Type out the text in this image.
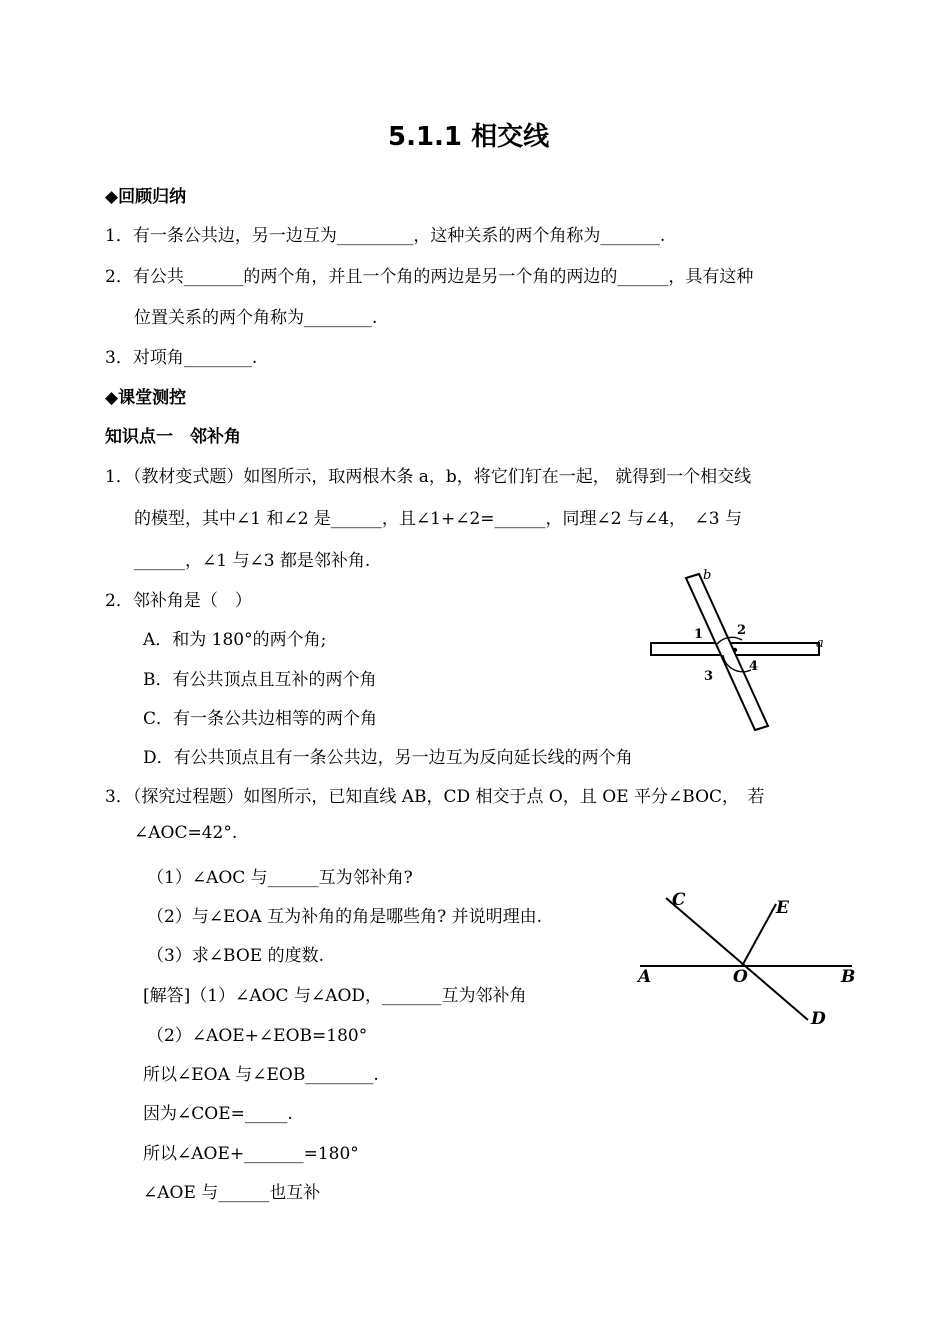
5.1.1 相交线
◆回顾归纳
1．有一条公共边，另一边互为_________，这种关系的两个角称为_______.
2．有公共_______的两个角，并且一个角的两边是另一个角的两边的______，具有这种
位置关系的两个角称为________.
3．对项角________.
◆课堂测控
知识点一　邻补角
1．（教材变式题）如图所示，取两根木条 a，b，将它们钉在一起， 就得到一个相交线
的模型，其中∠1 和∠2 是______，且∠1+∠2=______，同理∠2 与∠4，　∠3 与
______，∠1 与∠3 都是邻补角.
2．邻补角是（　）
A．和为 180°的两个角;
B．有公共顶点且互补的两个角
C．有一条公共边相等的两个角
D．有公共顶点且有一条公共边，另一边互为反向延长线的两个角
3．（探究过程题）如图所示，已知直线 AB，CD 相交于点 O，且 OE 平分∠BOC，　若
∠AOC=42°.
（1）∠AOC 与______互为邻补角?
（2）与∠EOA 互为补角的角是哪些角? 并说明理由.
（3）求∠BOE 的度数.
[解答]（1）∠AOC 与∠AOD，_______互为邻补角
（2）∠AOE+∠EOB=180°
所以∠EOA 与∠EOB________.
因为∠COE=_____.
所以∠AOE+_______=180°
∠AOE 与______也互补
b
a
1	2
3
4
C	E
A	O	B
D
